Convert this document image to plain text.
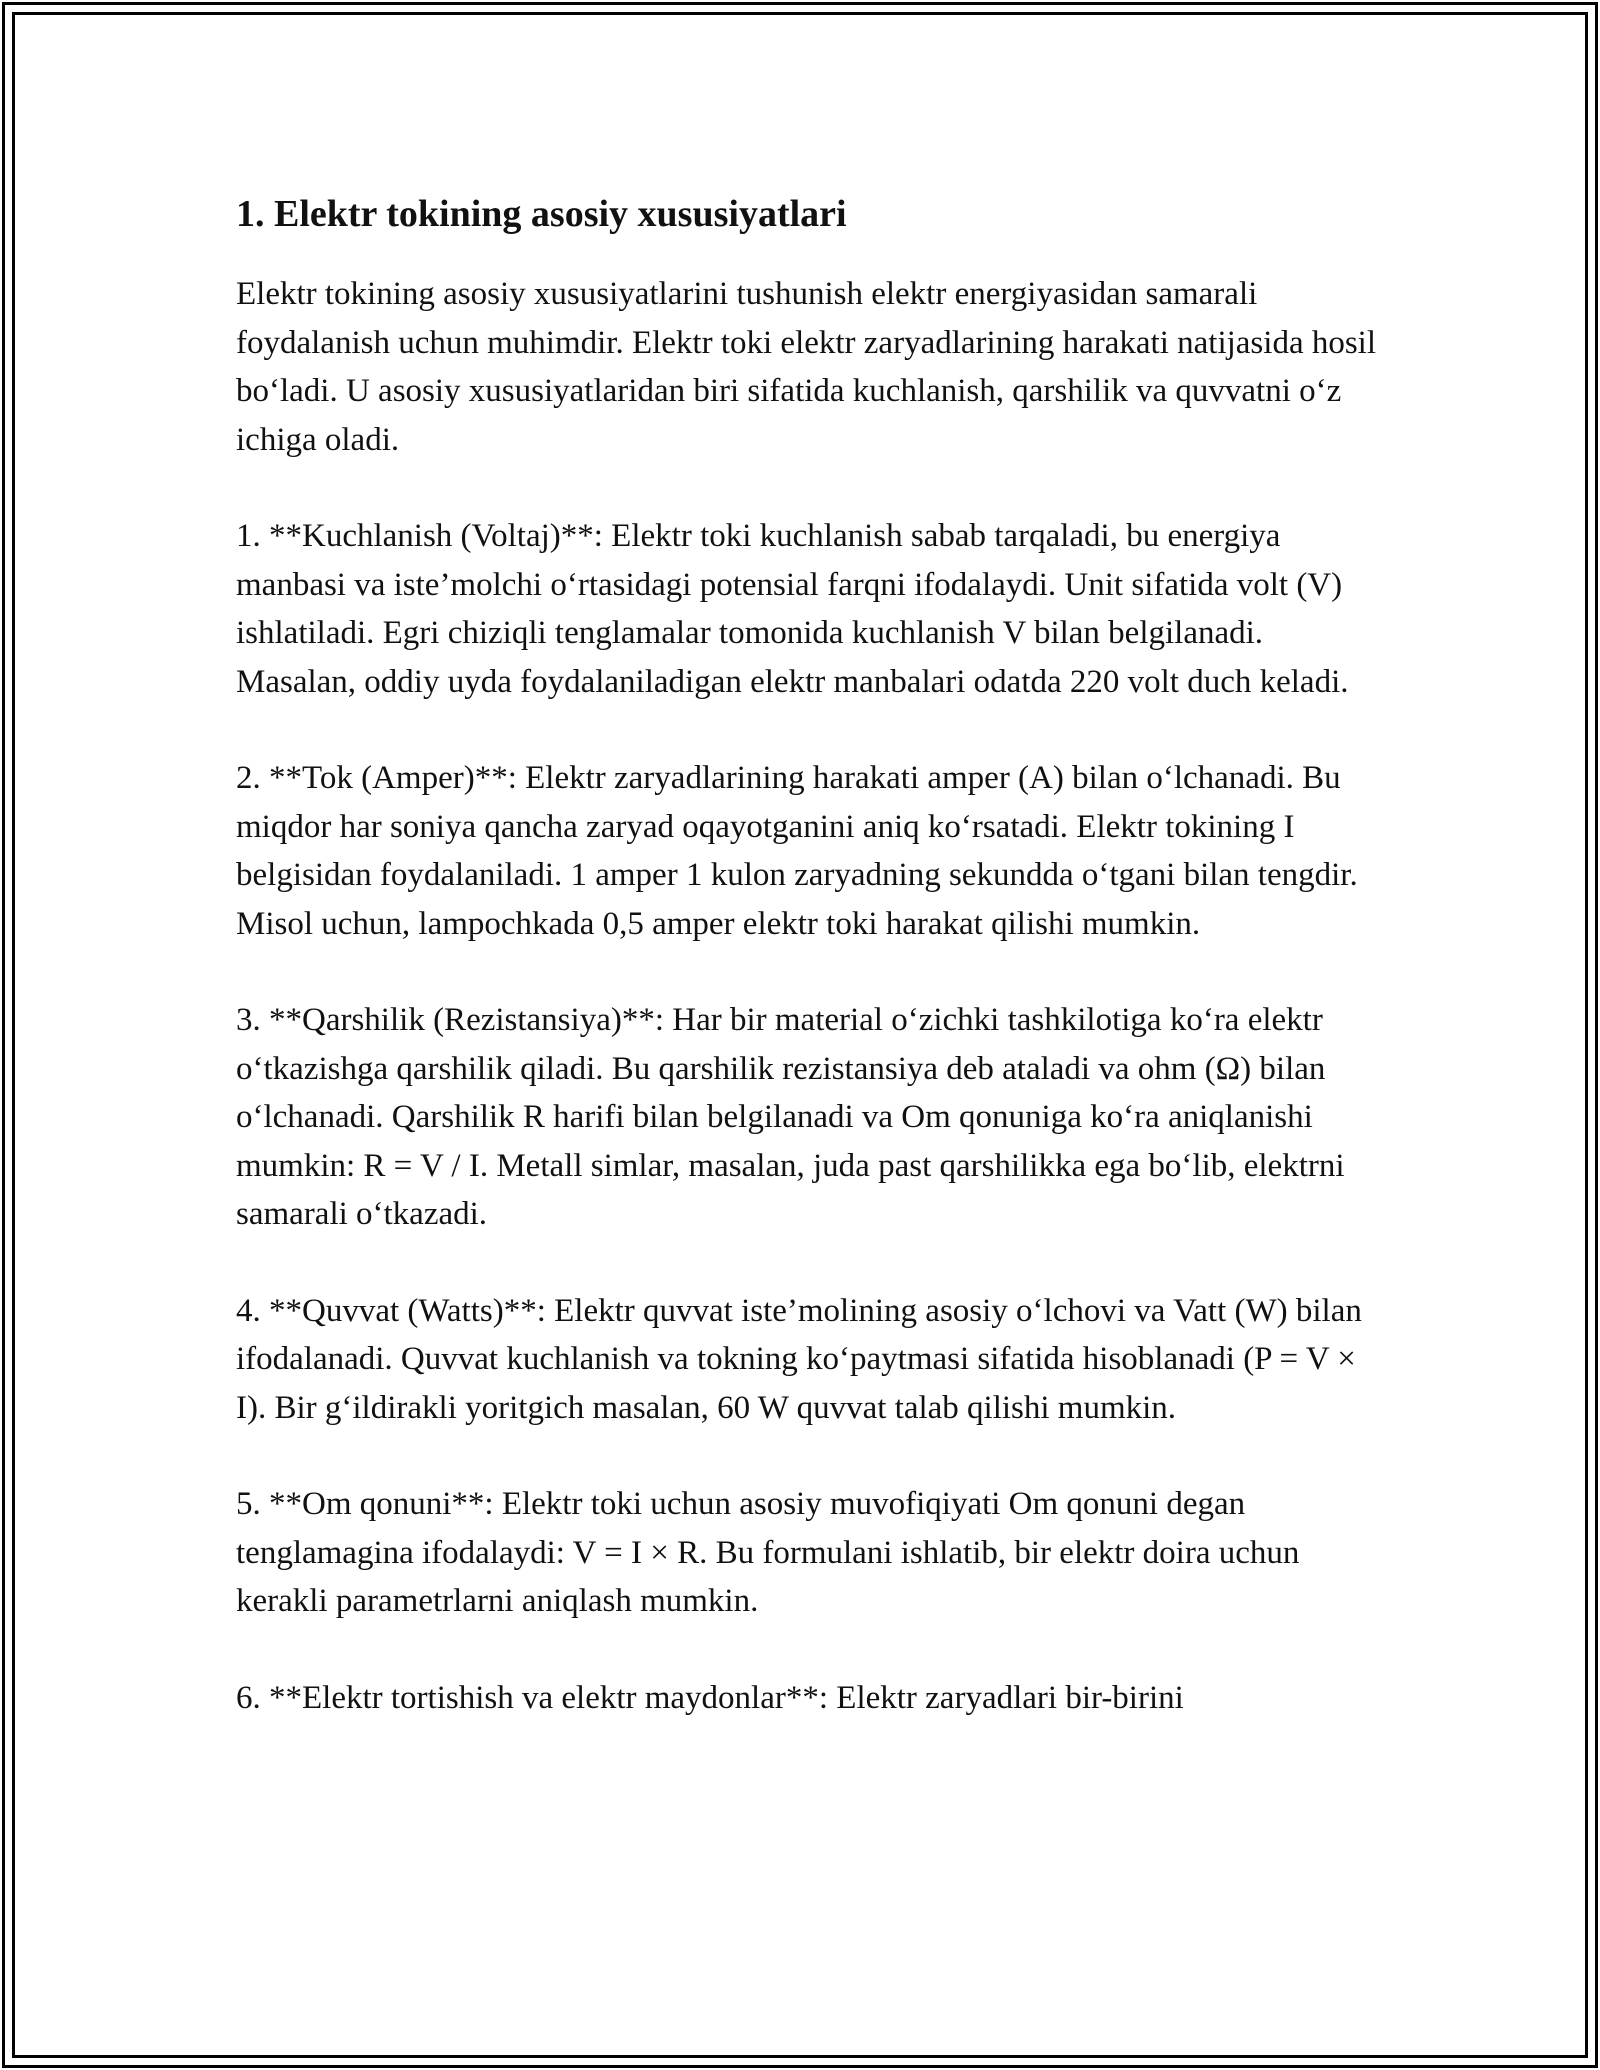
1. Elektr tokining asosiy xususiyatlari

Elektr tokining asosiy xususiyatlarini tushunish elektr energiyasidan samarali foydalanish uchun muhimdir. Elektr toki elektr zaryadlarining harakati natijasida hosil bo‘ladi. U asosiy xususiyatlaridan biri sifatida kuchlanish, qarshilik va quvvatni o‘z ichiga oladi.

1. **Kuchlanish (Voltaj)**: Elektr toki kuchlanish sabab tarqaladi, bu energiya manbasi va iste’molchi o‘rtasidagi potensial farqni ifodalaydi. Unit sifatida volt (V) ishlatiladi. Egri chiziqli tenglamalar tomonida kuchlanish V bilan belgilanadi. Masalan, oddiy uyda foydalaniladigan elektr manbalari odatda 220 volt duch keladi.

2. **Tok (Amper)**: Elektr zaryadlarining harakati amper (A) bilan o‘lchanadi. Bu miqdor har soniya qancha zaryad oqayotganini aniq ko‘rsatadi. Elektr tokining I belgisidan foydalaniladi. 1 amper 1 kulon zaryadning sekundda o‘tgani bilan tengdir. Misol uchun, lampochkada 0,5 amper elektr toki harakat qilishi mumkin.

3. **Qarshilik (Rezistansiya)**: Har bir material o‘zichki tashkilotiga ko‘ra elektr o‘tkazishga qarshilik qiladi. Bu qarshilik rezistansiya deb ataladi va ohm (Ω) bilan o‘lchanadi. Qarshilik R harifi bilan belgilanadi va Om qonuniga ko‘ra aniqlanishi mumkin: R = V / I. Metall simlar, masalan, juda past qarshilikka ega bo‘lib, elektrni samarali o‘tkazadi.

4. **Quvvat (Watts)**: Elektr quvvat iste’molining asosiy o‘lchovi va Vatt (W) bilan ifodalanadi. Quvvat kuchlanish va tokning ko‘paytmasi sifatida hisoblanadi (P = V × I). Bir g‘ildirakli yoritgich masalan, 60 W quvvat talab qilishi mumkin.

5. **Om qonuni**: Elektr toki uchun asosiy muvofiqiyati Om qonuni degan tenglamagina ifodalaydi: V = I × R. Bu formulani ishlatib, bir elektr doira uchun kerakli parametrlarni aniqlash mumkin.

6. **Elektr tortishish va elektr maydonlar**: Elektr zaryadlari bir-birini
